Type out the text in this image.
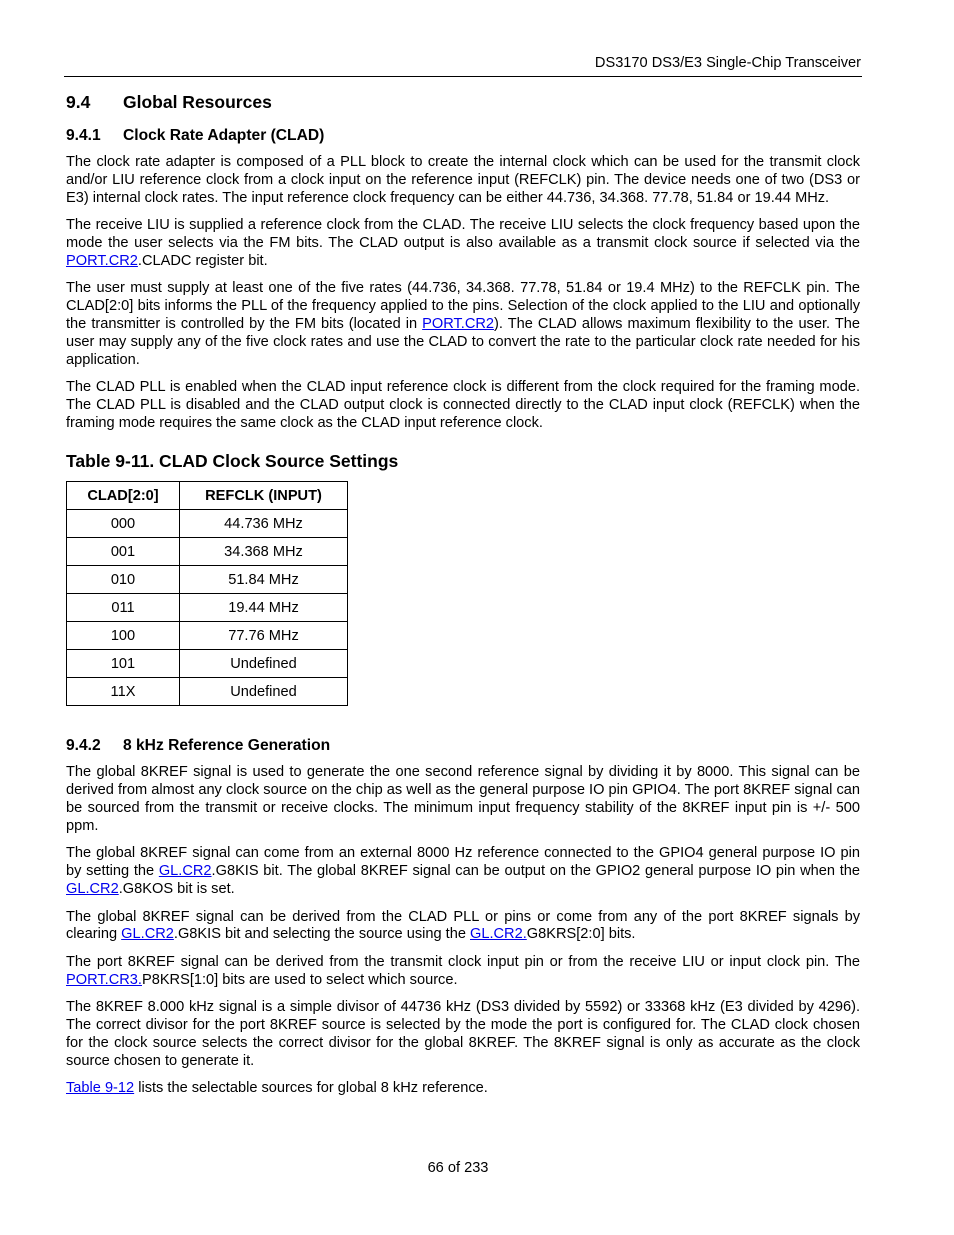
DS3170 DS3/E3 Single-Chip Transceiver
9.4 Global Resources
9.4.1 Clock Rate Adapter (CLAD)

The clock rate adapter is composed of a PLL block to create the internal clock which can be used for the transmit clock and/or LIU reference clock from a clock input on the reference input (REFCLK) pin. The device needs one of two (DS3 or E3) internal clock rates. The input reference clock frequency can be either 44.736, 34.368. 77.78, 51.84 or 19.44 MHz.

The receive LIU is supplied a reference clock from the CLAD. The receive LIU selects the clock frequency based upon the mode the user selects via the FM bits. The CLAD output is also available as a transmit clock source if selected via the PORT.CR2.CLADC register bit.

The user must supply at least one of the five rates (44.736, 34.368. 77.78, 51.84 or 19.4 MHz) to the REFCLK pin. The CLAD[2:0] bits informs the PLL of the frequency applied to the pins. Selection of the clock applied to the LIU and optionally the transmitter is controlled by the FM bits (located in PORT.CR2). The CLAD allows maximum flexibility to the user. The user may supply any of the five clock rates and use the CLAD to convert the rate to the particular clock rate needed for his application.

The CLAD PLL is enabled when the CLAD input reference clock is different from the clock required for the framing mode. The CLAD PLL is disabled and the CLAD output clock is connected directly to the CLAD input clock (REFCLK) when the framing mode requires the same clock as the CLAD input reference clock.

Table 9-11. CLAD Clock Source Settings
CLAD[2:0]	REFCLK (INPUT)
000	44.736 MHz
001	34.368 MHz
010	51.84 MHz
011	19.44 MHz
100	77.76 MHz
101	Undefined
11X	Undefined
9.4.2 8 kHz Reference Generation

The global 8KREF signal is used to generate the one second reference signal by dividing it by 8000. This signal can be derived from almost any clock source on the chip as well as the general purpose IO pin GPIO4. The port 8KREF signal can be sourced from the transmit or receive clocks. The minimum input frequency stability of the 8KREF input pin is +/- 500 ppm.

The global 8KREF signal can come from an external 8000 Hz reference connected to the GPIO4 general purpose IO pin by setting the GL.CR2.G8KIS bit. The global 8KREF signal can be output on the GPIO2 general purpose IO pin when the GL.CR2.G8KOS bit is set.

The global 8KREF signal can be derived from the CLAD PLL or pins or come from any of the port 8KREF signals by clearing GL.CR2.G8KIS bit and selecting the source using the GL.CR2.G8KRS[2:0] bits.

The port 8KREF signal can be derived from the transmit clock input pin or from the receive LIU or input clock pin. The PORT.CR3.P8KRS[1:0] bits are used to select which source.

The 8KREF 8.000 kHz signal is a simple divisor of 44736 kHz (DS3 divided by 5592) or 33368 kHz (E3 divided by 4296). The correct divisor for the port 8KREF source is selected by the mode the port is configured for. The CLAD clock chosen for the clock source selects the correct divisor for the global 8KREF. The 8KREF signal is only as accurate as the clock source chosen to generate it.

Table 9-12 lists the selectable sources for global 8 kHz reference.

66 of 233
